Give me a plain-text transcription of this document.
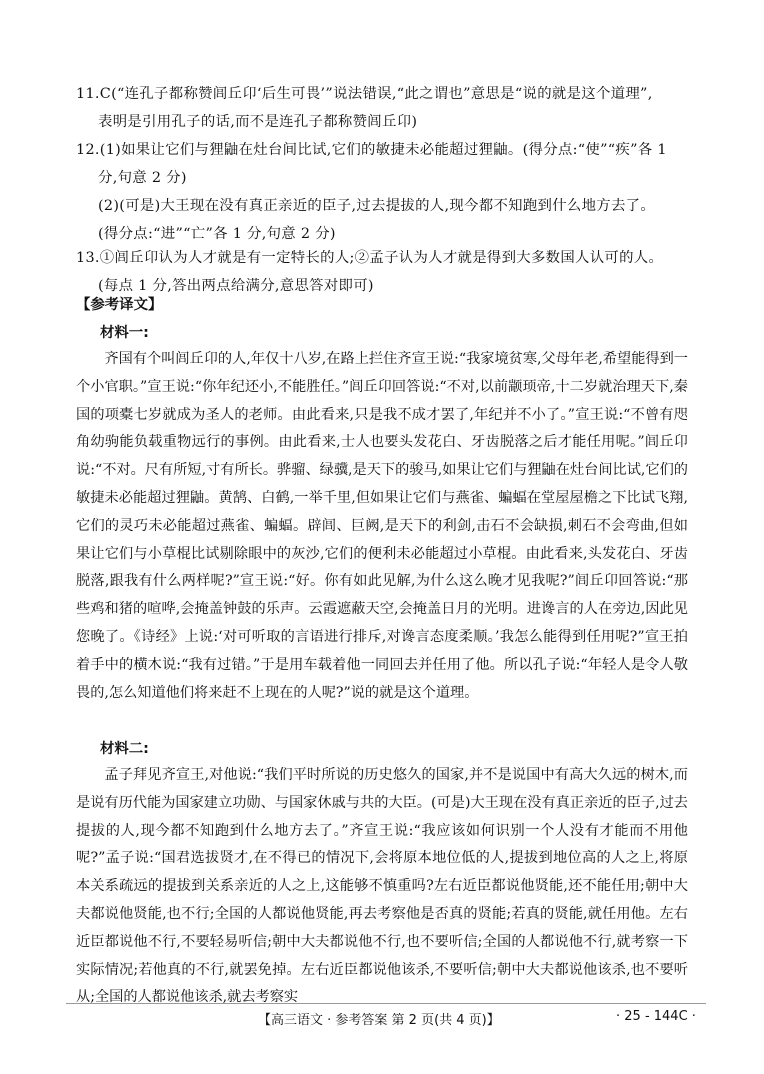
11.C(“连孔子都称赞闾丘卬‘后生可畏’”说法错误,“此之谓也”意思是“说的就是这个道理”,
表明是引用孔子的话,而不是连孔子都称赞闾丘卬)
12.(1)如果让它们与狸鼬在灶台间比试,它们的敏捷未必能超过狸鼬。(得分点:“使”“疾”各 1
分,句意 2 分)
(2)(可是)大王现在没有真正亲近的臣子,过去提拔的人,现今都不知跑到什么地方去了。
(得分点:“进”“亡”各 1 分,句意 2 分)
13.①闾丘卬认为人才就是有一定特长的人;②孟子认为人才就是得到大多数国人认可的人。
(每点 1 分,答出两点给满分,意思答对即可)
【参考译文】
材料一:
齐国有个叫闾丘卬的人,年仅十八岁,在路上拦住齐宣王说:“我家境贫寒,父母年老,希望能得到一个小官职。”宣王说:“你年纪还小,不能胜任。”闾丘卬回答说:“不对,以前颛顼帝,十二岁就治理天下,秦国的项橐七岁就成为圣人的老师。由此看来,只是我不成才罢了,年纪并不小了。”宣王说:“不曾有咫角幼驹能负载重物远行的事例。由此看来,士人也要头发花白、牙齿脱落之后才能任用呢。”闾丘卬说:“不对。尺有所短,寸有所长。骅骝、绿骥,是天下的骏马,如果让它们与狸鼬在灶台间比试,它们的敏捷未必能超过狸鼬。黄鹄、白鹤,一举千里,但如果让它们与燕雀、蝙蝠在堂屋屋檐之下比试飞翔,它们的灵巧未必能超过燕雀、蝙蝠。辟闾、巨阙,是天下的利剑,击石不会缺损,刺石不会弯曲,但如果让它们与小草棍比试剔除眼中的灰沙,它们的便利未必能超过小草棍。由此看来,头发花白、牙齿脱落,跟我有什么两样呢?”宣王说:“好。你有如此见解,为什么这么晚才见我呢?”闾丘卬回答说:“那些鸡和猪的喧哗,会掩盖钟鼓的乐声。云霞遮蔽天空,会掩盖日月的光明。进谗言的人在旁边,因此见您晚了。《诗经》上说:‘对可听取的言语进行排斥,对谗言态度柔顺。’我怎么能得到任用呢?”宣王拍着手中的横木说:“我有过错。”于是用车载着他一同回去并任用了他。所以孔子说:“年轻人是令人敬畏的,怎么知道他们将来赶不上现在的人呢?”说的就是这个道理。
材料二:
孟子拜见齐宣王,对他说:“我们平时所说的历史悠久的国家,并不是说国中有高大久远的树木,而是说有历代能为国家建立功勋、与国家休戚与共的大臣。(可是)大王现在没有真正亲近的臣子,过去提拔的人,现今都不知跑到什么地方去了。”齐宣王说:“我应该如何识别一个人没有才能而不用他呢?”孟子说:“国君选拔贤才,在不得已的情况下,会将原本地位低的人,提拔到地位高的人之上,将原本关系疏远的提拔到关系亲近的人之上,这能够不慎重吗?左右近臣都说他贤能,还不能任用;朝中大夫都说他贤能,也不行;全国的人都说他贤能,再去考察他是否真的贤能;若真的贤能,就任用他。左右近臣都说他不行,不要轻易听信;朝中大夫都说他不行,也不要听信;全国的人都说他不行,就考察一下实际情况;若他真的不行,就罢免掉。左右近臣都说他该杀,不要听信;朝中大夫都说他该杀,也不要听从;全国的人都说他该杀,就去考察实
【高三语文 · 参考答案 第 2 页(共 4 页)】	· 25 - 144C ·
